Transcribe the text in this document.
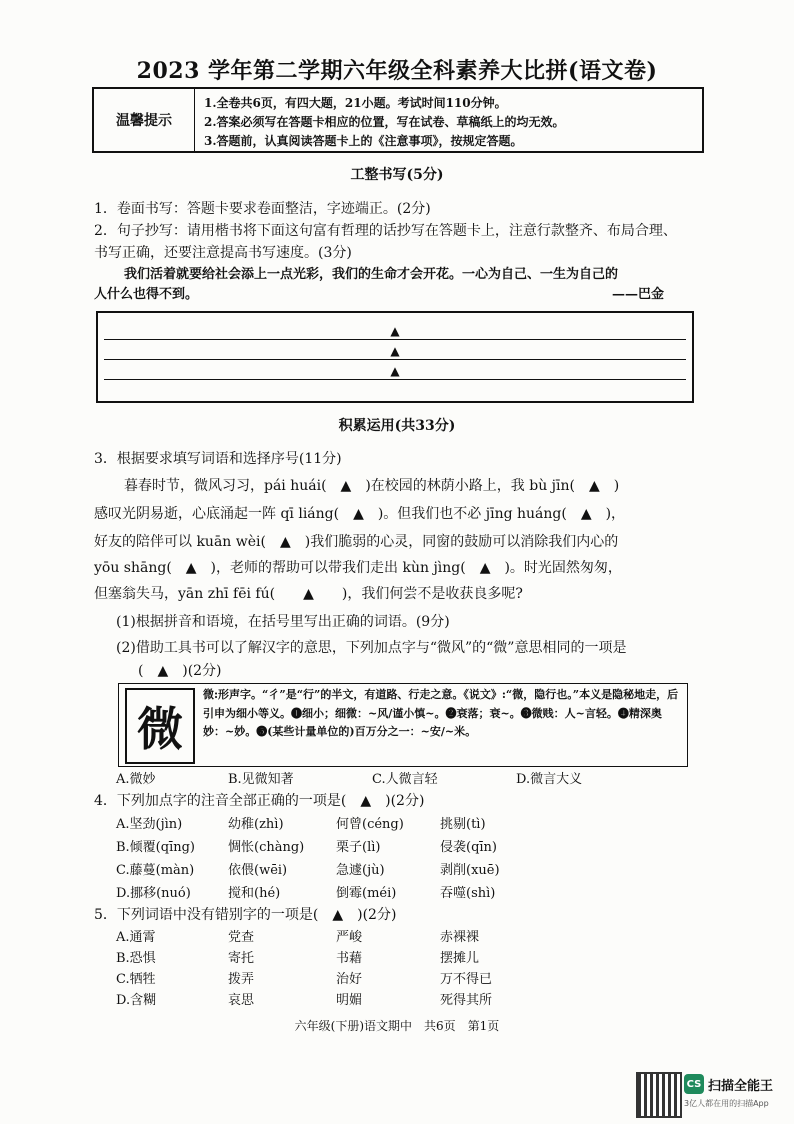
2023 学年第二学期六年级全科素养大比拼(语文卷)
温馨提示
1.全卷共6页，有四大题，21小题。考试时间110分钟。
2.答案必须写在答题卡相应的位置，写在试卷、草稿纸上的均无效。
3.答题前，认真阅读答题卡上的《注意事项》，按规定答题。
工整书写(5分)
1．卷面书写：答题卡要求卷面整洁，字迹端正。(2分)
2．句子抄写：请用楷书将下面这句富有哲理的话抄写在答题卡上，注意行款整齐、布局合理、
书写正确，还要注意提高书写速度。(3分)
我们活着就要给社会添上一点光彩，我们的生命才会开花。一心为自己、一生为自己的
人什么也得不到。	——巴金
▲
▲
▲
积累运用(共33分)
3．根据要求填写词语和选择序号(11分)
暮春时节，微风习习，pái huái(　▲　)在校园的林荫小路上，我 bù jīn(　▲　)
感叹光阴易逝，心底涌起一阵 qī liáng(　▲　)。但我们也不必 jīng huáng(　▲　)，
好友的陪伴可以 kuān wèi(　▲　)我们脆弱的心灵，同窗的鼓励可以消除我们内心的
yōu shāng(　▲　)，老师的帮助可以带我们走出 kùn jìng(　▲　)。时光固然匆匆，
但塞翁失马，yān zhī fēi fú(　　▲　　)，我们何尝不是收获良多呢?
(1)根据拼音和语境，在括号里写出正确的词语。(9分)
(2)借助工具书可以了解汉字的意思，下列加点字与“微风”的“微”意思相同的一项是
(　▲　)(2分)
微
微:形声字。“彳”是“行”的半文，有道路、行走之意。《说文》:“微，隐行也。”本义是隐秘地走，后引申为细小等义。❶细小；细微：~风/谨小慎~。❷衰落；衰~。❸微贱：人~言轻。❹精深奥妙：~妙。❺(某些计量单位的)百万分之一：~安/~米。
A.微妙	B.见微知著	C.人微言轻	D.微言大义
4．下列加点字的注音全部正确的一项是(　▲　)(2分)
A.坚劲(jìn)	幼稚(zhì)	何曾(céng)	挑剔(tì)
B.倾覆(qīng)	惆怅(chàng) 栗子(lì)	侵袭(qīn)
C.藤蔓(màn)	依偎(wēi)	急遽(jù)	剥削(xuē)
D.挪移(nuó)	搅和(hé)	倒霉(méi)	吞噬(shì)
5．下列词语中没有错别字的一项是(　▲　)(2分)
A.通霄	党查	严峻	赤裸裸
B.恐惧	寄托	书藉	摆摊儿
C.牺牲	拨弄	治好	万不得已
D.含糊	哀思	明媚	死得其所
六年级(下册)语文期中　共6页　第1页
CS 扫描全能王
3亿人都在用的扫描App
